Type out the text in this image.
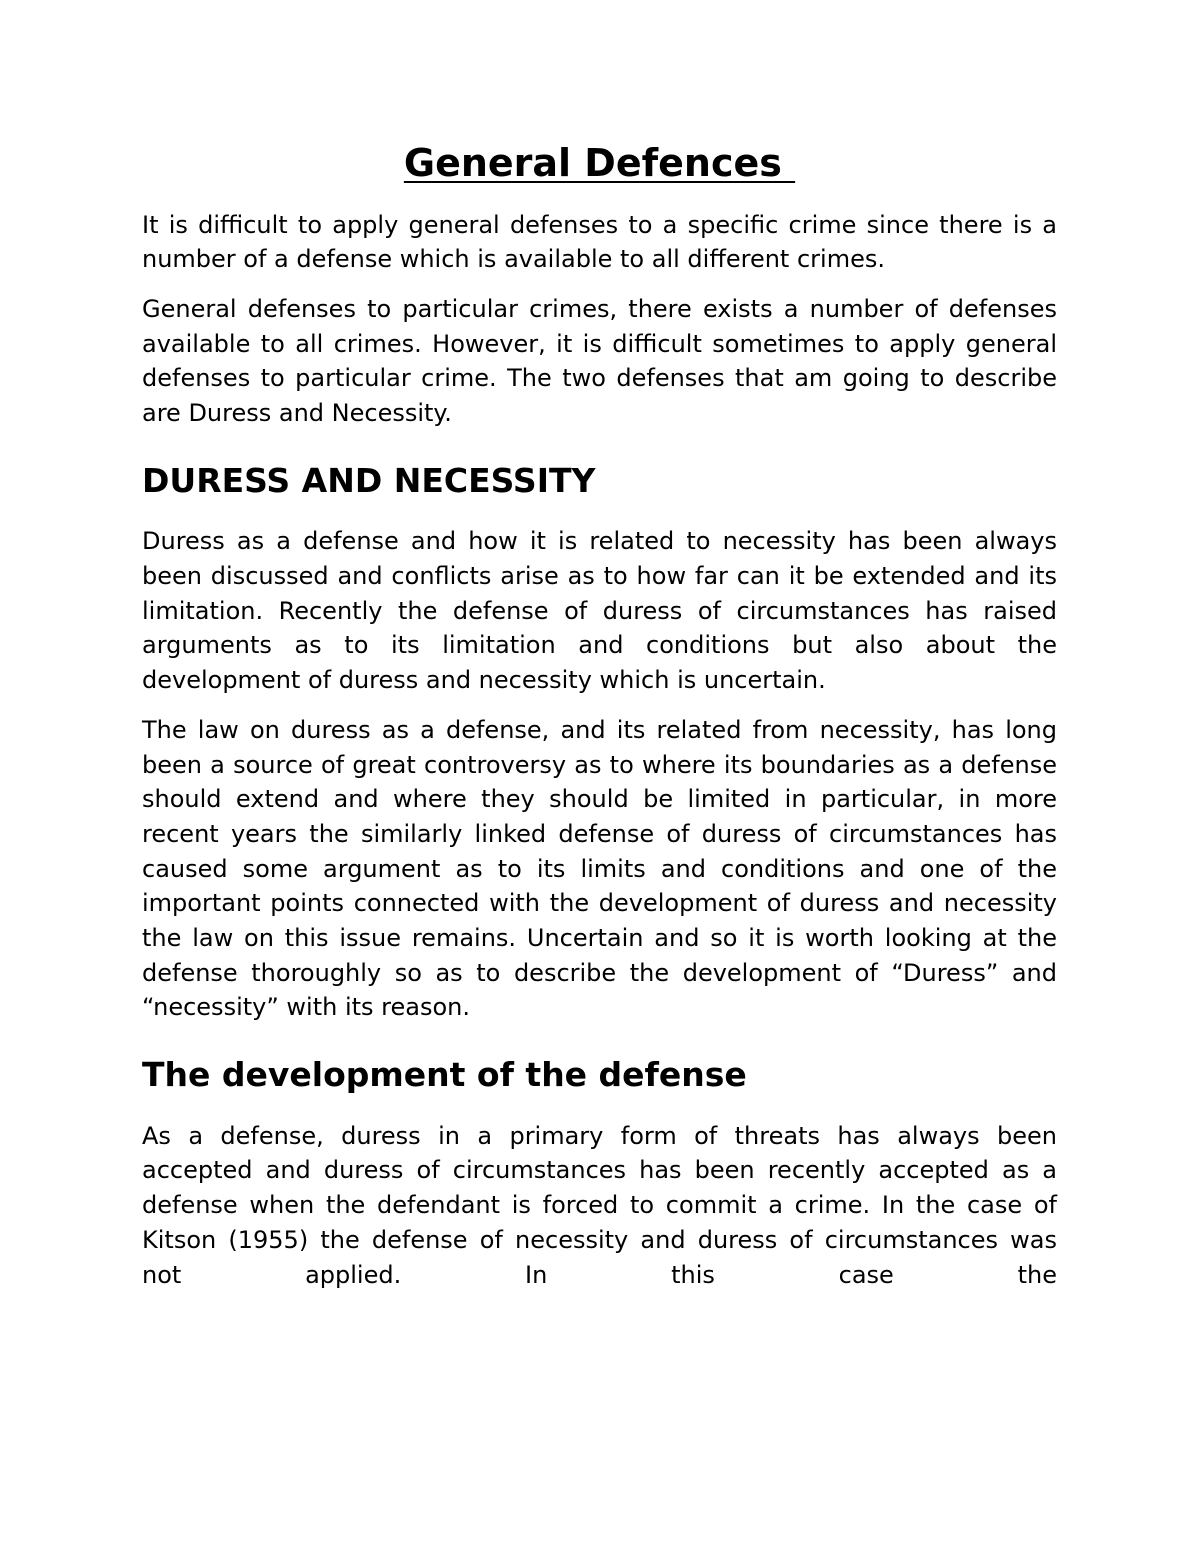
General Defences

It is difficult to apply general defenses to a specific crime since there is a number of a defense which is available to all different crimes.

General defenses to particular crimes, there exists a number of defenses available to all crimes. However, it is difficult sometimes to apply general defenses to particular crime. The two defenses that am going to describe are Duress and Necessity.

DURESS AND NECESSITY

Duress as a defense and how it is related to necessity has been always been discussed and conflicts arise as to how far can it be extended and its limitation. Recently the defense of duress of circumstances has raised arguments as to its limitation and conditions but also about the development of duress and necessity which is uncertain.

The law on duress as a defense, and its related from necessity, has long been a source of great controversy as to where its boundaries as a defense should extend and where they should be limited in particular, in more recent years the similarly linked defense of duress of circumstances has caused some argument as to its limits and conditions and one of the important points connected with the development of duress and necessity the law on this issue remains. Uncertain and so it is worth looking at the defense thoroughly so as to describe the development of “Duress” and “necessity” with its reason.

The development of the defense

As a defense, duress in a primary form of threats has always been accepted and duress of circumstances has been recently accepted as a defense when the defendant is forced to commit a crime. In the case of Kitson (1955) the defense of necessity and duress of circumstances was not applied. In this case the
